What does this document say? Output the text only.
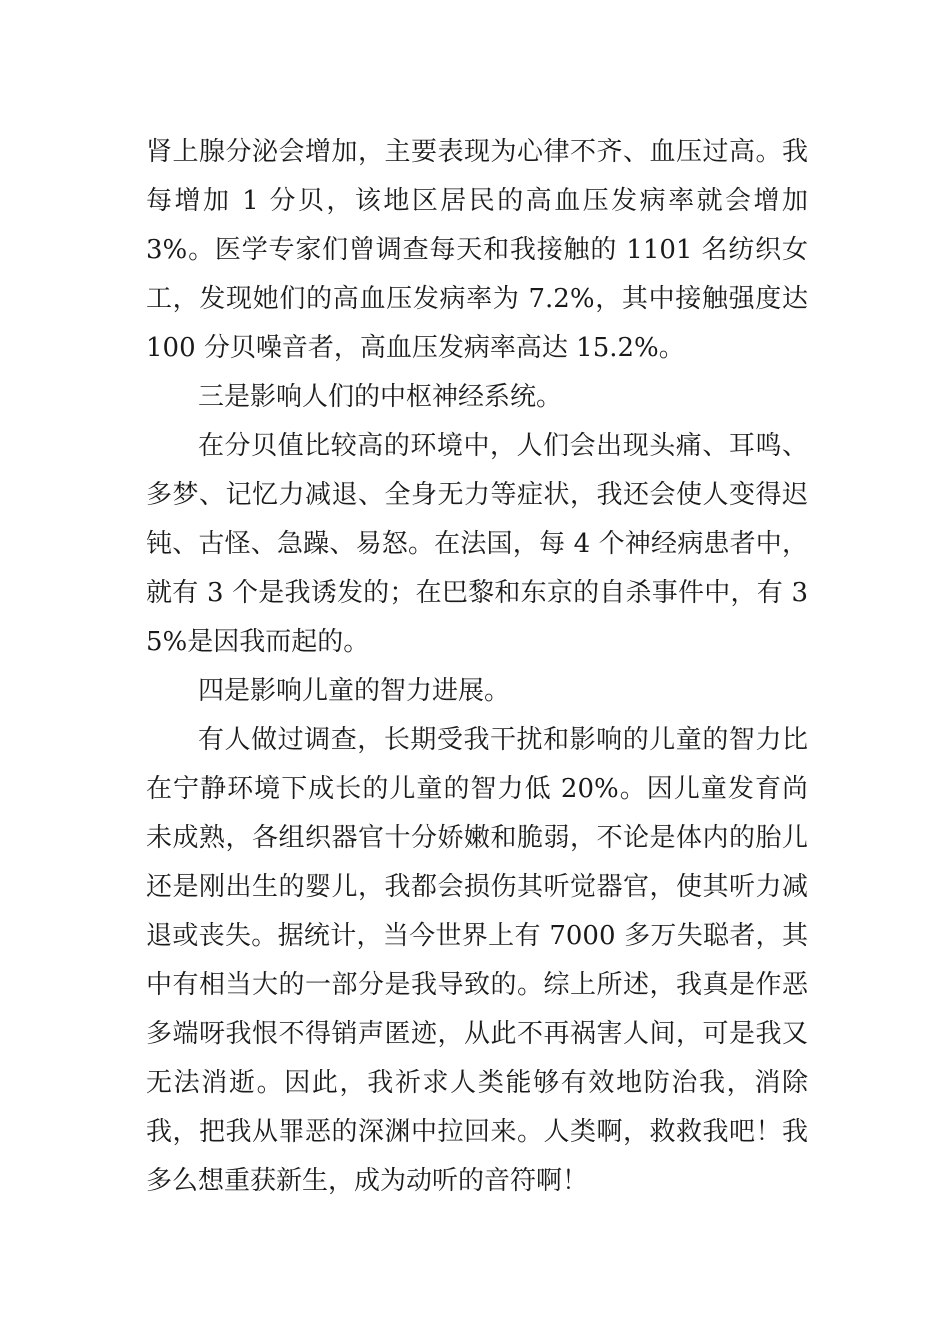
肾上腺分泌会增加，主要表现为心律不齐、血压过高。我每增加 1 分贝，该地区居民的高血压发病率就会增加 3%。医学专家们曾调查每天和我接触的 1101 名纺织女工，发现她们的高血压发病率为 7.2%，其中接触强度达 100 分贝噪音者，高血压发病率高达 15.2%。

三是影响人们的中枢神经系统。

在分贝值比较高的环境中，人们会出现头痛、耳鸣、多梦、记忆力减退、全身无力等症状，我还会使人变得迟钝、古怪、急躁、易怒。在法国，每 4 个神经病患者中，就有 3 个是我诱发的；在巴黎和东京的自杀事件中，有 35%是因我而起的。

四是影响儿童的智力进展。

有人做过调查，长期受我干扰和影响的儿童的智力比在宁静环境下成长的儿童的智力低 20%。因儿童发育尚未成熟，各组织器官十分娇嫩和脆弱，不论是体内的胎儿还是刚出生的婴儿，我都会损伤其听觉器官，使其听力减退或丧失。据统计，当今世界上有 7000 多万失聪者，其中有相当大的一部分是我导致的。综上所述，我真是作恶多端呀我恨不得销声匿迹，从此不再祸害人间，可是我又无法消逝。因此，我祈求人类能够有效地防治我，消除我，把我从罪恶的深渊中拉回来。人类啊，救救我吧！我多么想重获新生，成为动听的音符啊！
